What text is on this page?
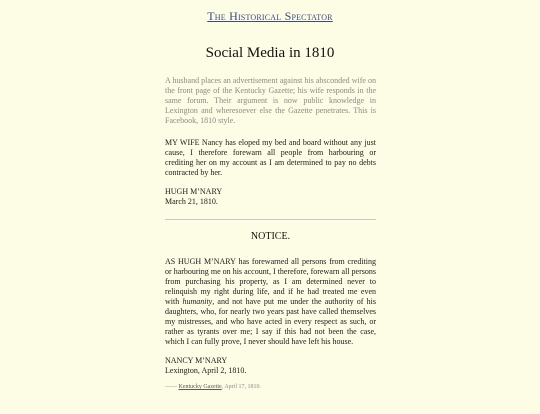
The Historical Spectator
Social Media in 1810

A husband places an advertisement against his absconded wife on the front page of the Kentucky Gazette; his wife responds in the same forum. Their argument is now public knowledge in Lexington and wheresoever else the Gazette penetrates. This is Facebook, 1810 style.

MY WIFE Nancy has eloped my bed and board without any just cause, I therefore forewarn all people from harbouring or crediting her on my account as I am determined to pay no debts contracted by her.

HUGH M’NARY
March 21, 1810.
NOTICE.

AS HUGH M’NARY has forewarned all persons from crediting or harbouring me on his account, I therefore, forewarn all persons from purchasing his property, as I am determined never to relinquish my right during life, and if he had treated me even with humanity, and not have put me under the authority of his daughters, who, for nearly two years past have called themselves my mistresses, and who have acted in every respect as such, or rather as tyrants over me; I say if this had not been the case, which I can fully prove, I never should have left his house.

NANCY M’NARY
Lexington, April 2, 1810.
—— Kentucky Gazette, April 17, 1810.
